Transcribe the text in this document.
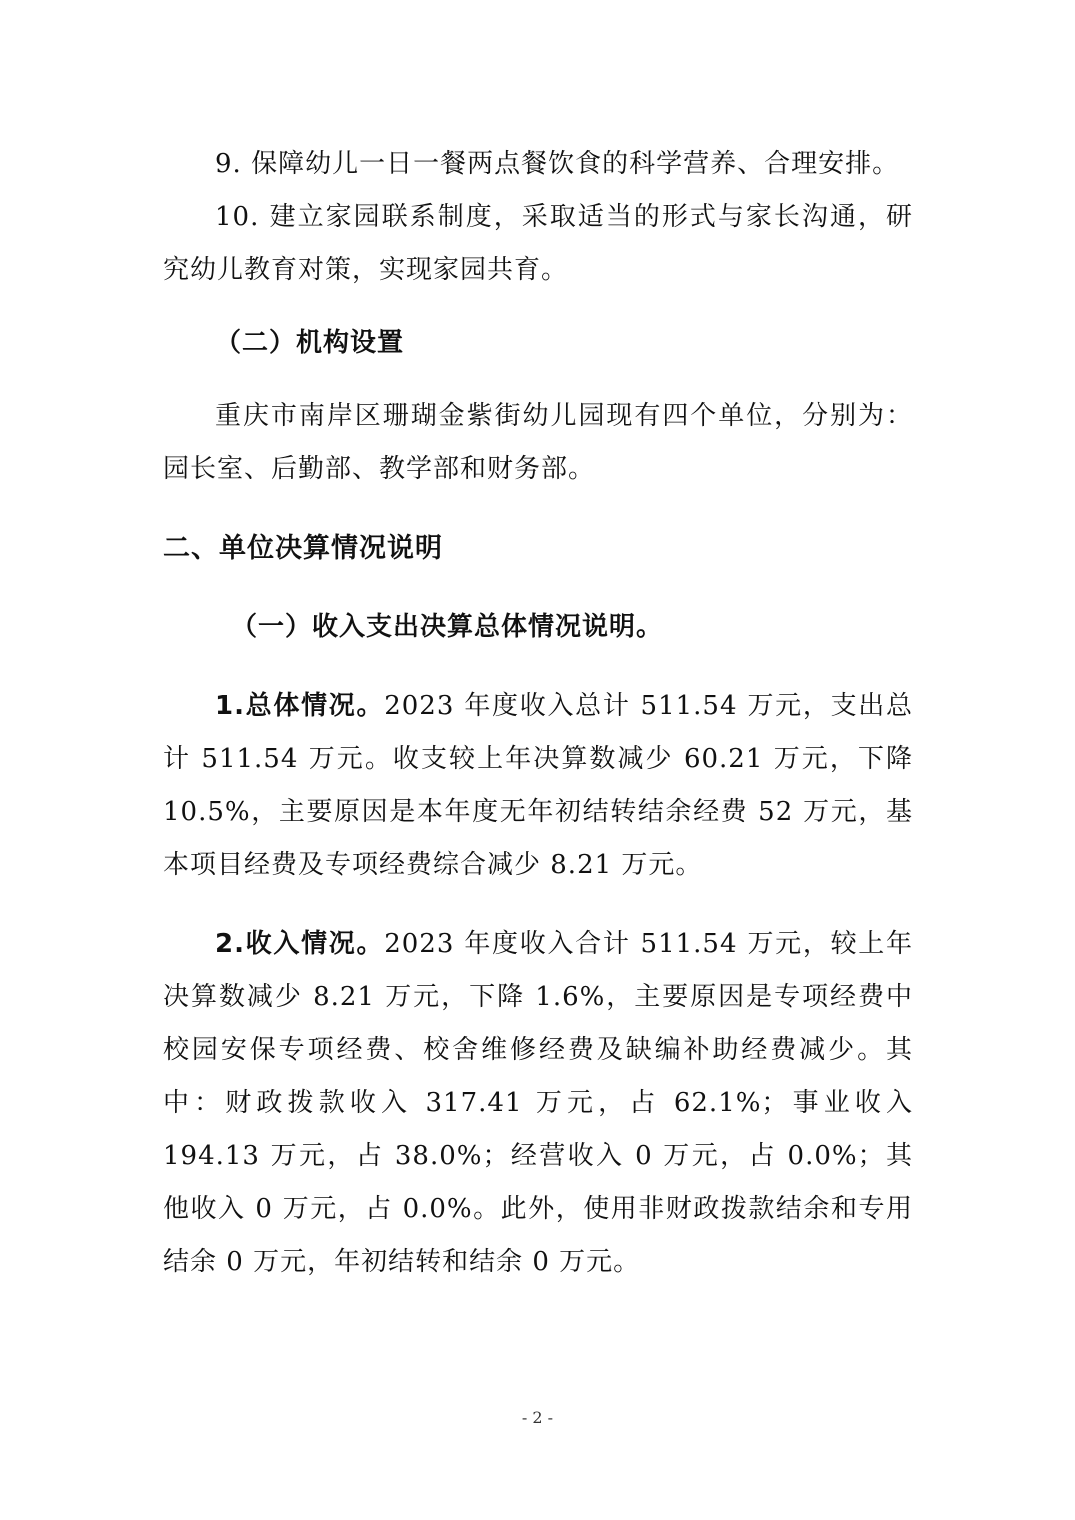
9. 保障幼儿一日一餐两点餐饮食的科学营养、合理安排。

10. 建立家园联系制度，采取适当的形式与家长沟通，研究幼儿教育对策，实现家园共育。

（二）机构设置

重庆市南岸区珊瑚金紫街幼儿园现有四个单位，分别为：园长室、后勤部、教学部和财务部。

二、单位决算情况说明

（一）收入支出决算总体情况说明。

1.总体情况。2023 年度收入总计 511.54 万元，支出总计 511.54 万元。收支较上年决算数减少 60.21 万元，下降 10.5%，主要原因是本年度无年初结转结余经费 52 万元，基本项目经费及专项经费综合减少 8.21 万元。

2.收入情况。2023 年度收入合计 511.54 万元，较上年决算数减少 8.21 万元，下降 1.6%，主要原因是专项经费中校园安保专项经费、校舍维修经费及缺编补助经费减少。其中：财政拨款收入 317.41 万元，占 62.1%；事业收入 194.13 万元，占 38.0%；经营收入 0 万元，占 0.0%；其他收入 0 万元，占 0.0%。此外，使用非财政拨款结余和专用结余 0 万元，年初结转和结余 0 万元。

- 2 -
